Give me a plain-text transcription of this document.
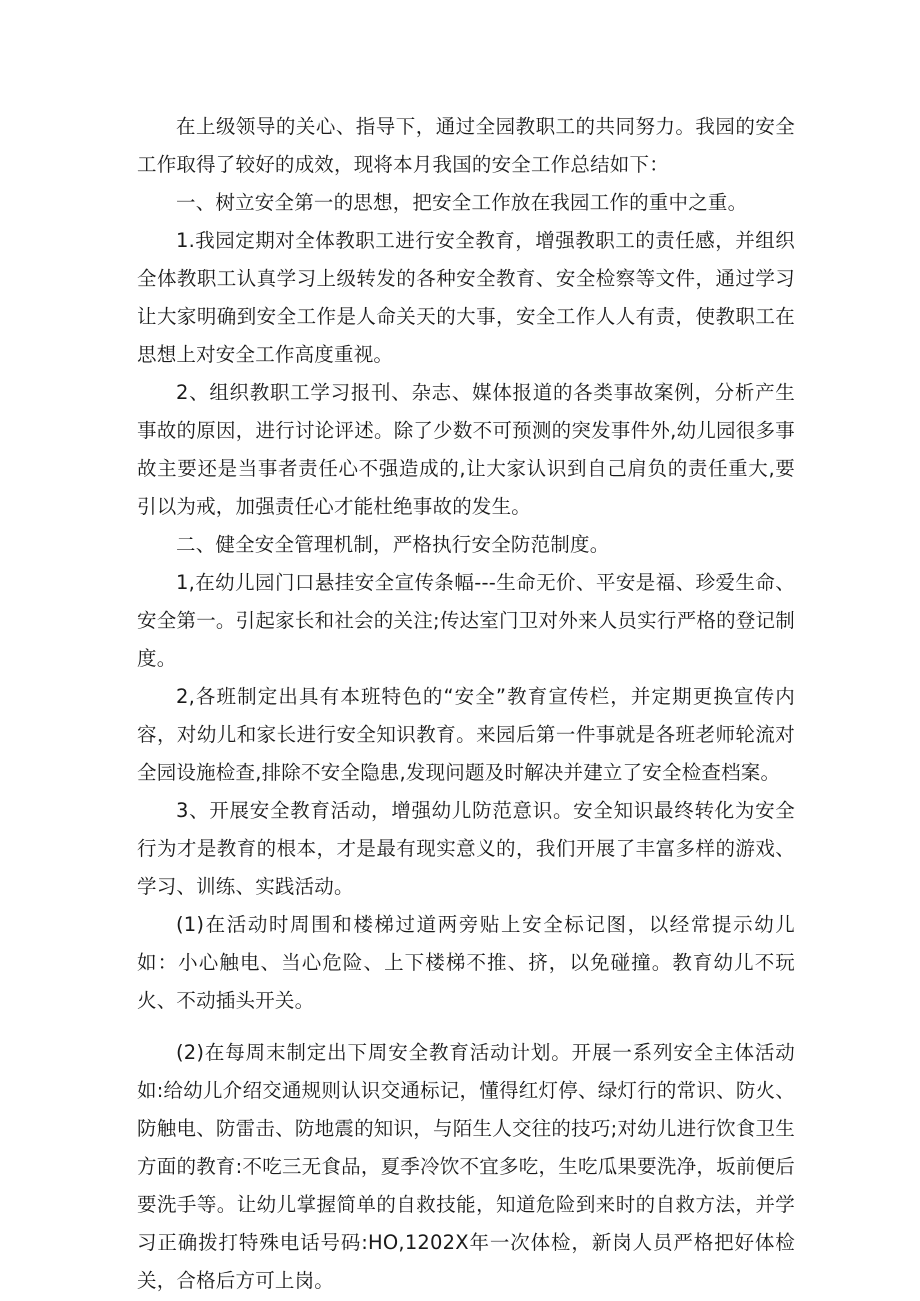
在上级领导的关心、指导下，通过全园教职工的共同努力。我园的安全工作取得了较好的成效，现将本月我国的安全工作总结如下：

一、树立安全第一的思想，把安全工作放在我园工作的重中之重。

1.我园定期对全体教职工进行安全教育，增强教职工的责任感，并组织全体教职工认真学习上级转发的各种安全教育、安全检察等文件，通过学习让大家明确到安全工作是人命关天的大事，安全工作人人有责，使教职工在思想上对安全工作高度重视。

2、组织教职工学习报刊、杂志、媒体报道的各类事故案例，分析产生事故的原因，进行讨论评述。除了少数不可预测的突发事件外,幼儿园很多事故主要还是当事者责任心不强造成的,让大家认识到自己肩负的责任重大,要引以为戒，加强责任心才能杜绝事故的发生。

二、健全安全管理机制，严格执行安全防范制度。

1,在幼儿园门口悬挂安全宣传条幅---生命无价、平安是福、珍爱生命、安全第一。引起家长和社会的关注;传达室门卫对外来人员实行严格的登记制度。

2,各班制定出具有本班特色的“安全”教育宣传栏，并定期更换宣传内容，对幼儿和家长进行安全知识教育。来园后第一件事就是各班老师轮流对全园设施检查,排除不安全隐患,发现问题及时解决并建立了安全检查档案。

3、开展安全教育活动，增强幼儿防范意识。安全知识最终转化为安全行为才是教育的根本，才是最有现实意义的，我们开展了丰富多样的游戏、学习、训练、实践活动。

(1)在活动时周围和楼梯过道两旁贴上安全标记图，以经常提示幼儿如：小心触电、当心危险、上下楼梯不推、挤，以免碰撞。教育幼儿不玩火、不动插头开关。

(2)在每周末制定出下周安全教育活动计划。开展一系列安全主体活动如:给幼儿介绍交通规则认识交通标记，懂得红灯停、绿灯行的常识、防火、防触电、防雷击、防地震的知识，与陌生人交往的技巧;对幼儿进行饮食卫生方面的教育:不吃三无食品，夏季冷饮不宜多吃，生吃瓜果要洗净，坂前便后要洗手等。让幼儿掌握简单的自救技能，知道危险到来时的自救方法，并学习正确拨打特殊电话号码:HO,1202X年一次体检，新岗人员严格把好体检关，合格后方可上岗。
